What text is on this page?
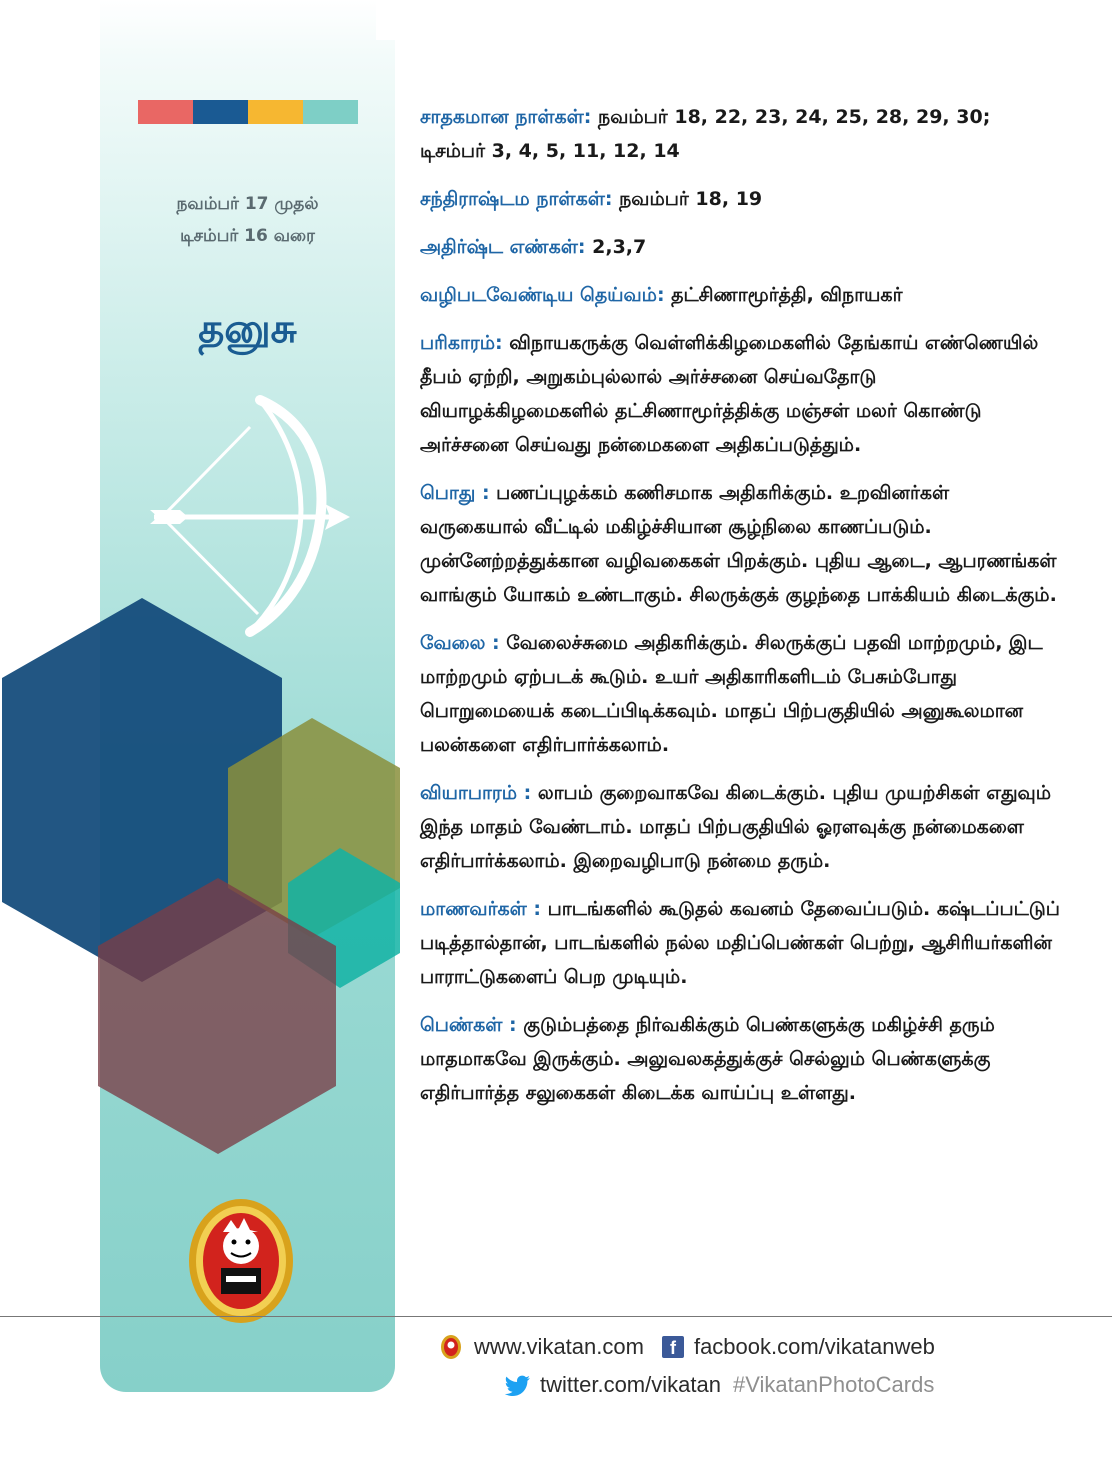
நவம்பர் 17 முதல்
டிசம்பர் 16 வரை
தனுசு
சாதகமான நாள்கள்: நவம்பர் 18, 22, 23, 24, 25, 28, 29, 30; டிசம்பர் 3, 4, 5, 11, 12, 14
சந்திராஷ்டம நாள்கள்: நவம்பர் 18, 19
அதிர்ஷ்ட எண்கள்: 2,3,7
வழிபடவேண்டிய தெய்வம்: தட்சிணாமூர்த்தி, விநாயகர்
பரிகாரம்: விநாயகருக்கு வெள்ளிக்கிழமைகளில் தேங்காய் எண்ணெயில் தீபம் ஏற்றி, அறுகம்புல்லால் அர்ச்சனை செய்வதோடு வியாழக்கிழமைகளில் தட்சிணாமூர்த்திக்கு மஞ்சள் மலர் கொண்டு அர்ச்சனை செய்வது நன்மைகளை அதிகப்படுத்தும்.
பொது : பணப்புழக்கம் கணிசமாக அதிகரிக்கும். உறவினர்கள் வருகையால் வீட்டில் மகிழ்ச்சியான சூழ்நிலை காணப்படும். முன்னேற்றத்துக்கான வழிவகைகள் பிறக்கும். புதிய ஆடை, ஆபரணங்கள் வாங்கும் யோகம் உண்டாகும். சிலருக்குக் குழந்தை பாக்கியம் கிடைக்கும்.
வேலை : வேலைச்சுமை அதிகரிக்கும். சிலருக்குப் பதவி மாற்றமும், இட மாற்றமும் ஏற்படக் கூடும். உயர் அதிகாரிகளிடம் பேசும்போது பொறுமையைக் கடைப்பிடிக்கவும். மாதப் பிற்பகுதியில் அனுகூலமான பலன்களை எதிர்பார்க்கலாம்.
வியாபாரம் : லாபம் குறைவாகவே கிடைக்கும். புதிய முயற்சிகள் எதுவும் இந்த மாதம் வேண்டாம். மாதப் பிற்பகுதியில் ஓரளவுக்கு நன்மைகளை எதிர்பார்க்கலாம். இறைவழிபாடு நன்மை தரும்.
மாணவர்கள் : பாடங்களில் கூடுதல் கவனம் தேவைப்படும். கஷ்டப்பட்டுப் படித்தால்தான், பாடங்களில் நல்ல மதிப்பெண்கள் பெற்று, ஆசிரியர்களின் பாராட்டுகளைப் பெற முடியும்.
பெண்கள் : குடும்பத்தை நிர்வகிக்கும் பெண்களுக்கு மகிழ்ச்சி தரும் மாதமாகவே இருக்கும். அலுவலகத்துக்குச் செல்லும் பெண்களுக்கு எதிர்பார்த்த சலுகைகள் கிடைக்க வாய்ப்பு உள்ளது.
www.vikatan.com	f facbook.com/vikatanweb
twitter.com/vikatan #VikatanPhotoCards
